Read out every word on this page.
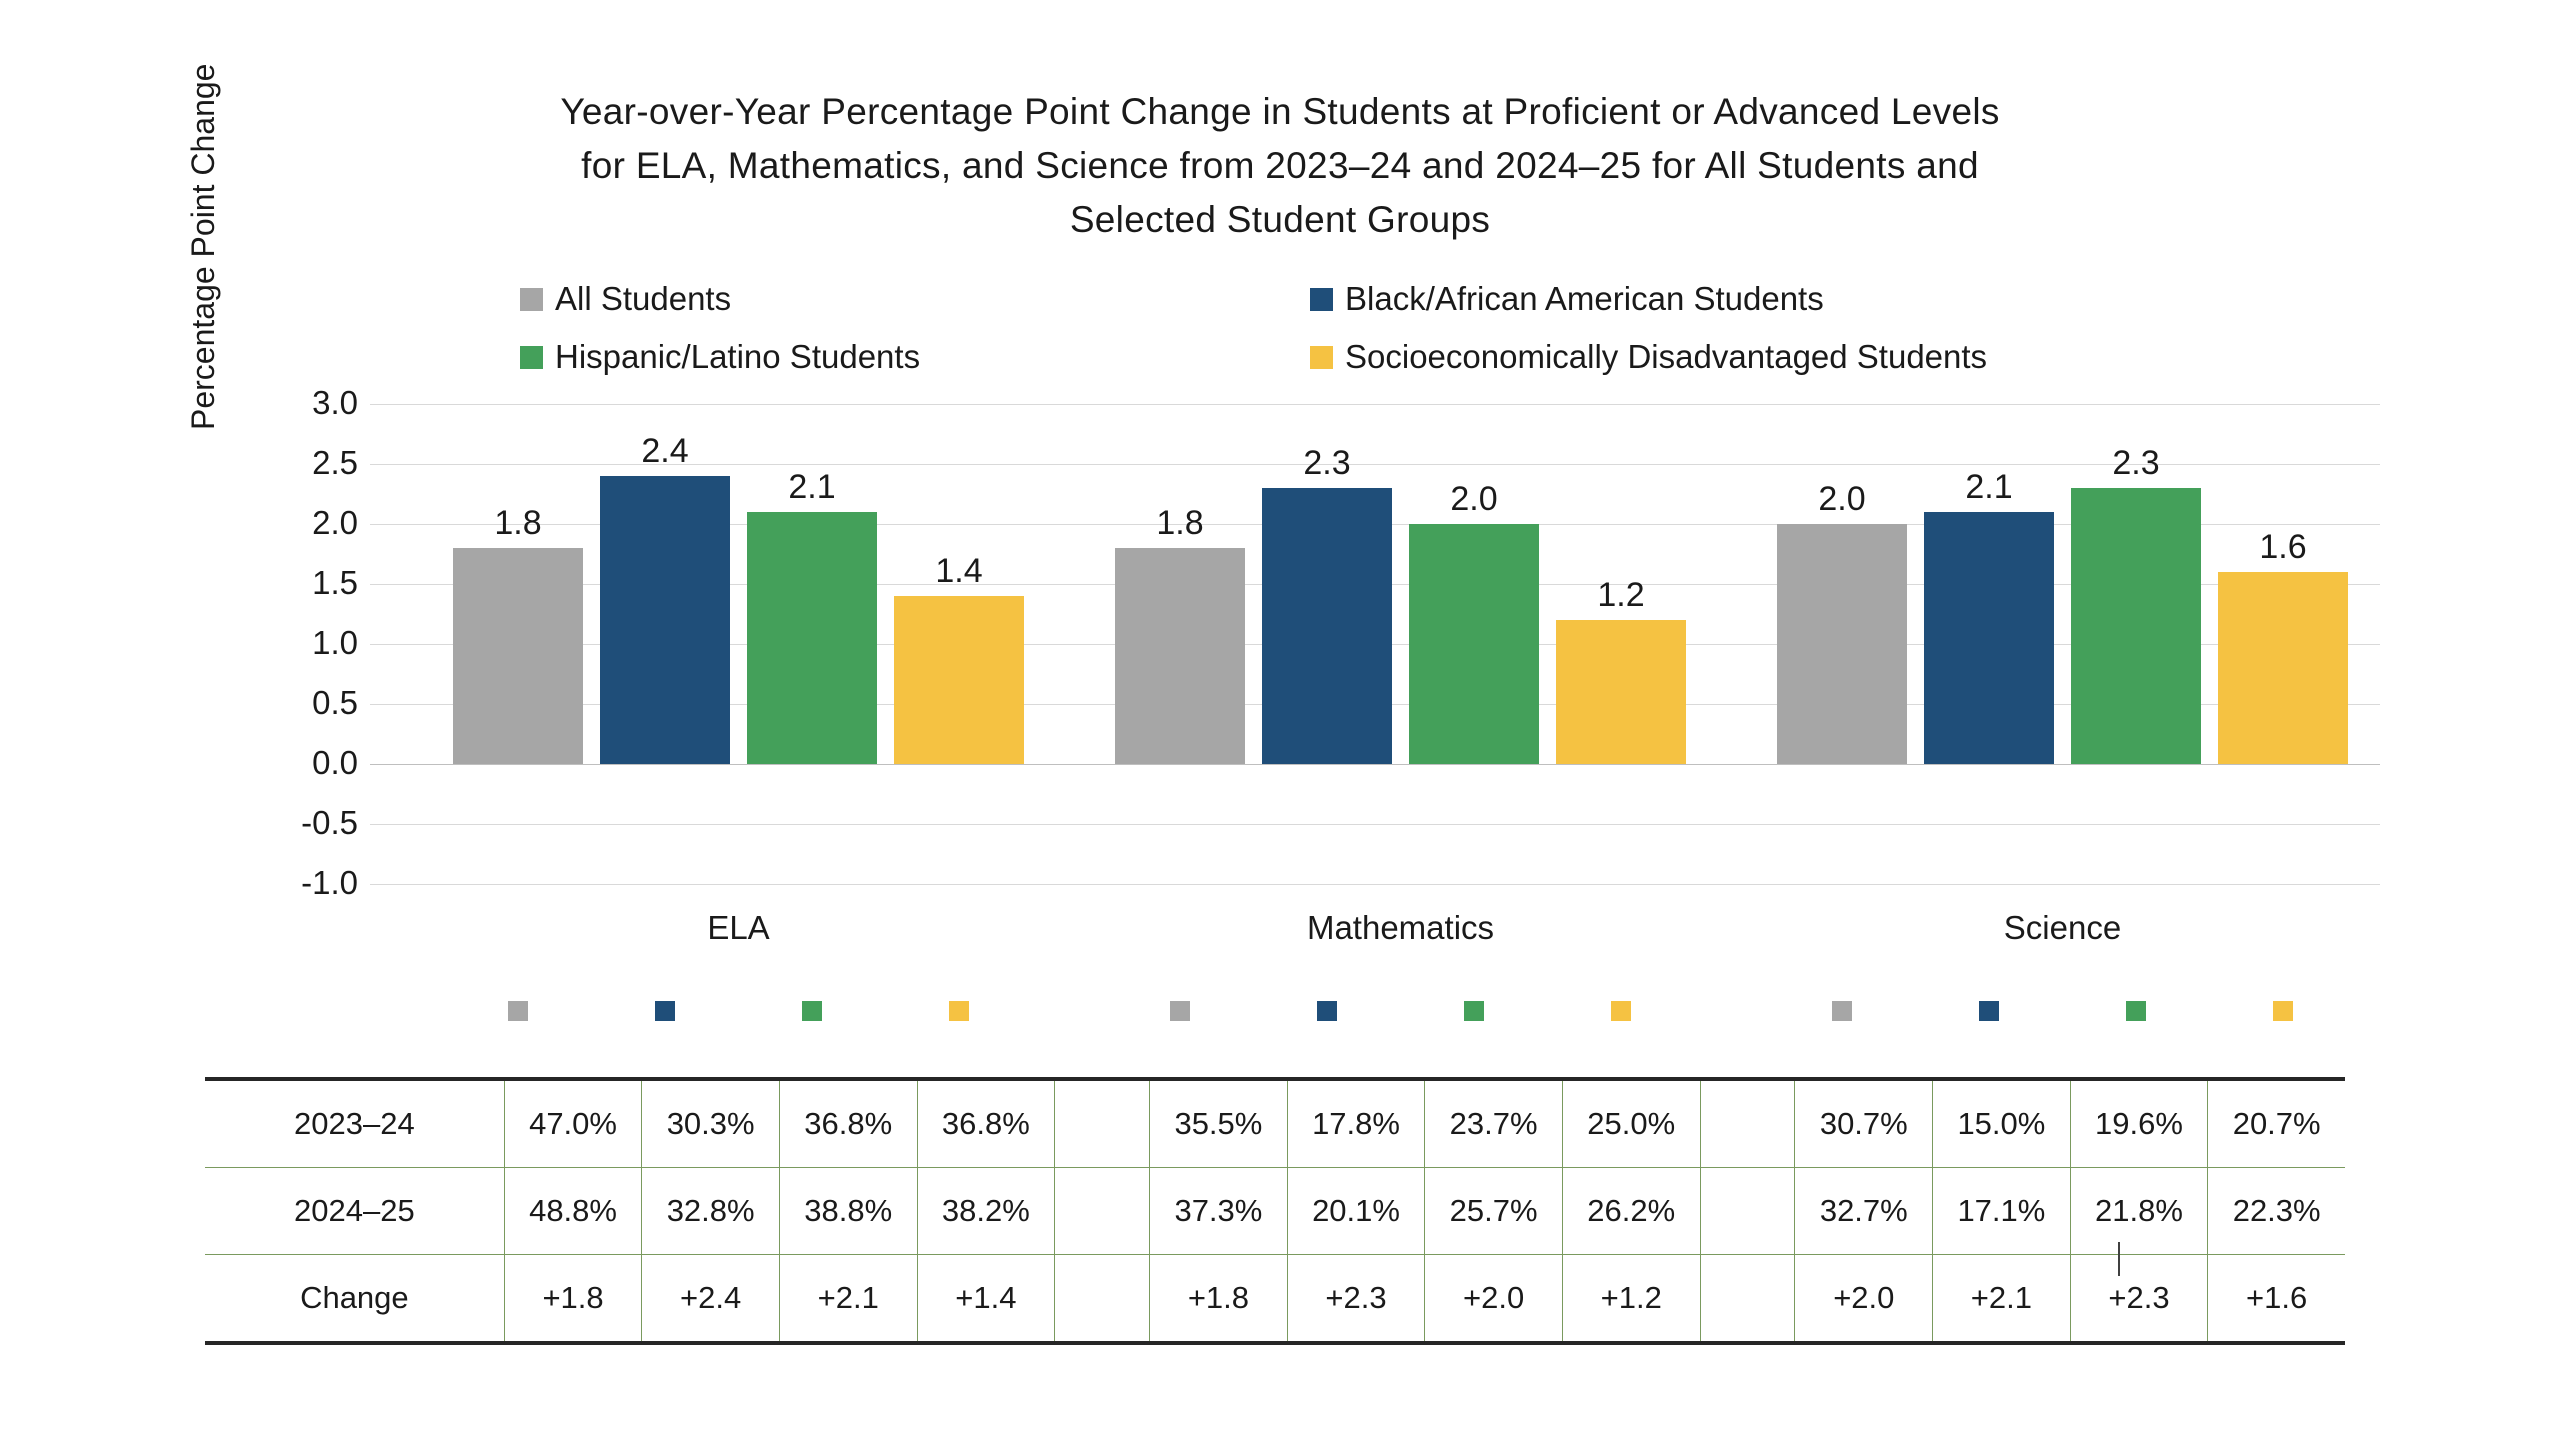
Year-over-Year Percentage Point Change in Students at Proficient or Advanced Levels
for ELA, Mathematics, and Science from 2023–24 and 2024–25 for All Students and
Selected Student Groups
All Students	Black/African American Students
Hispanic/Latino Students	Socioeconomically Disadvantaged Students
Percentage Point Change	3.0
2.5
2.0
1.5
1.0
0.5
0.0
-0.5
-1.0
1.8
2.4
2.1
1.4
1.8
2.3
2.0
1.2
2.0	2.1
2.3
1.6
ELA	Mathematics	Science
2023–24	47.0%	30.3%	36.8%	36.8%		35.5%	17.8%	23.7%	25.0%		30.7%	15.0%	19.6%	20.7%
2024–25	48.8%	32.8%	38.8%	38.2%		37.3%	20.1%	25.7%	26.2%		32.7%	17.1%	21.8%	22.3%
Change	+1.8	+2.4	+2.1	+1.4		+1.8	+2.3	+2.0	+1.2		+2.0	+2.1	+2.3	+1.6
